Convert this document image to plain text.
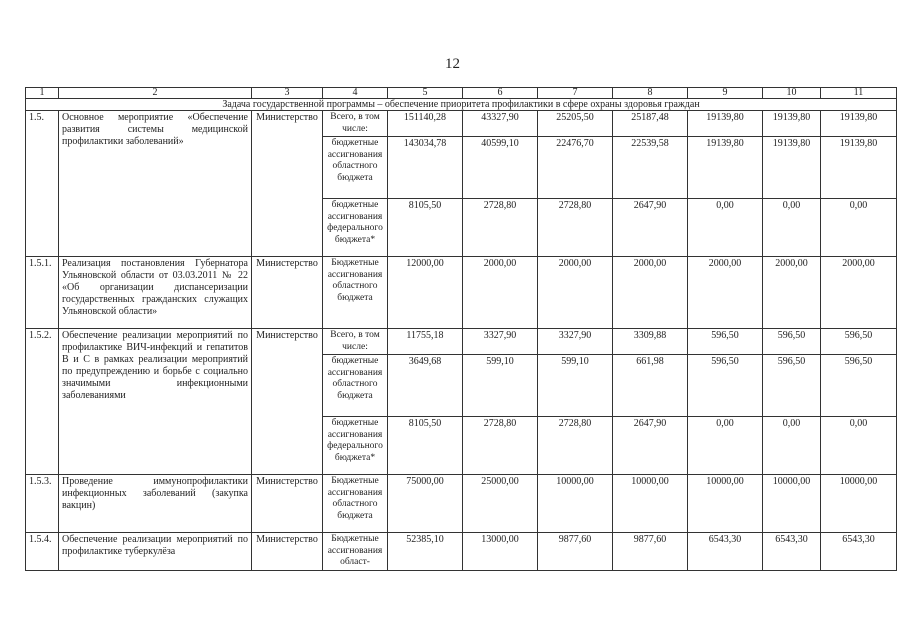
12
1	2	3	4	5	6	7	8	9	10	11
Задача государственной программы – обеспечение приоритета профилактики в сфере охраны здоровья граждан										
1.5.	Основное мероприятие «Обеспечение развития системы медицинской профилактики заболеваний»	Министерство	Всего, в том числе:	151140,28	43327,90	25205,50	25187,48	19139,80	19139,80	19139,80
			бюджетные ассигнования областного бюджета	143034,78	40599,10	22476,70	22539,58	19139,80	19139,80	19139,80
			бюджетные ассигнования федерального бюджета*	8105,50	2728,80	2728,80	2647,90	0,00	0,00	0,00
1.5.1.	Реализация постановления Губернатора Ульяновской области от 03.03.2011 № 22 «Об организации диспансеризации государственных гражданских служащих Ульяновской области»	Министерство	Бюджетные ассигнования областного бюджета	12000,00	2000,00	2000,00	2000,00	2000,00	2000,00	2000,00
1.5.2.	Обеспечение реализации мероприятий по профилактике ВИЧ-инфекций и гепатитов В и С в рамках реализации мероприятий по предупреждению и борьбе с социально значимыми инфекционными заболеваниями	Министерство	Всего, в том числе:	11755,18	3327,90	3327,90	3309,88	596,50	596,50	596,50
			бюджетные ассигнования областного бюджета	3649,68	599,10	599,10	661,98	596,50	596,50	596,50
			бюджетные ассигнования федерального бюджета*	8105,50	2728,80	2728,80	2647,90	0,00	0,00	0,00
1.5.3.	Проведение иммунопрофилактики инфекционных заболеваний (закупка вакцин)	Министерство	Бюджетные ассигнования областного бюджета	75000,00	25000,00	10000,00	10000,00	10000,00	10000,00	10000,00
1.5.4.	Обеспечение реализации мероприятий по профилактике туберкулёза	Министерство	Бюджетные ассигнования област-	52385,10	13000,00	9877,60	9877,60	6543,30	6543,30	6543,30
